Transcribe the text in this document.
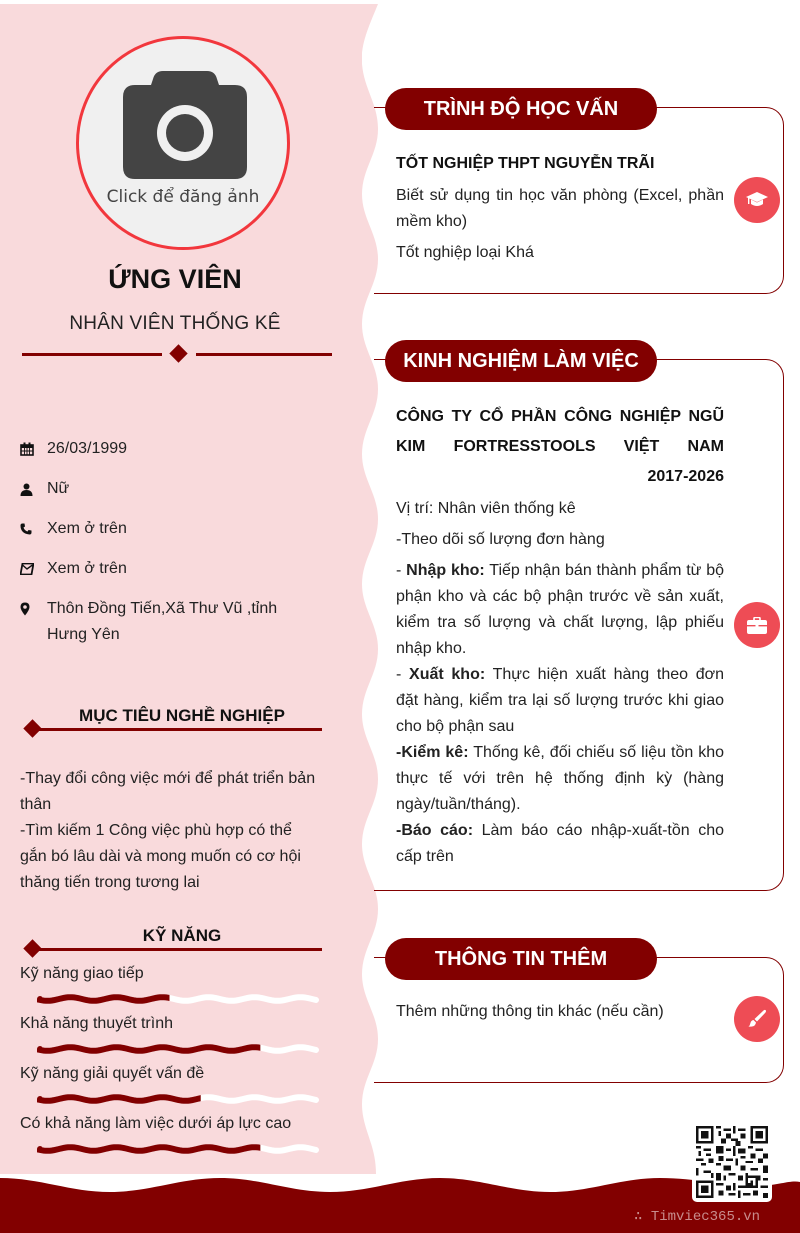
Click để đăng ảnh
ỨNG VIÊN
NHÂN VIÊN THỐNG KÊ
26/03/1999
Nữ
Xem ở trên
Xem ở trên
Thôn Đồng Tiến,Xã Thư Vũ ,tỉnh Hưng Yên
MỤC TIÊU NGHỀ NGHIỆP
-Thay đổi công việc mới để phát triển bản thân
-Tìm kiếm 1 Công việc phù hợp có thể gắn bó lâu dài và mong muốn có cơ hội thăng tiến trong tương lai
KỸ NĂNG
Kỹ năng giao tiếp
Khả năng thuyết trình
Kỹ năng giải quyết vấn đề
Có khả năng làm việc dưới áp lực cao
TRÌNH ĐỘ HỌC VẤN
TỐT NGHIỆP THPT NGUYỄN TRÃI
Biết sử dụng tin học văn phòng (Excel, phần mềm kho)
Tốt nghiệp loại Khá
KINH NGHIỆM LÀM VIỆC
CÔNG TY CỔ PHẦN CÔNG NGHIỆP NGŨ KIM FORTRESSTOOLS VIỆT NAM
2017-2026
Vị trí: Nhân viên thống kê
-Theo dõi số lượng đơn hàng
- Nhập kho: Tiếp nhận bán thành phẩm từ bộ phận kho và các bộ phận trước về sản xuất, kiểm tra số lượng và chất lượng, lập phiếu nhập kho.
- Xuất kho: Thực hiện xuất hàng theo đơn đặt hàng, kiểm tra lại số lượng trước khi giao cho bộ phận sau
-Kiểm kê: Thống kê, đối chiếu số liệu tồn kho thực tế với trên hệ thống định kỳ (hàng ngày/tuần/tháng).
-Báo cáo: Làm báo cáo nhập-xuất-tồn cho cấp trên
THÔNG TIN THÊM
Thêm những thông tin khác (nếu cần)
∴ Timviec365.vn
